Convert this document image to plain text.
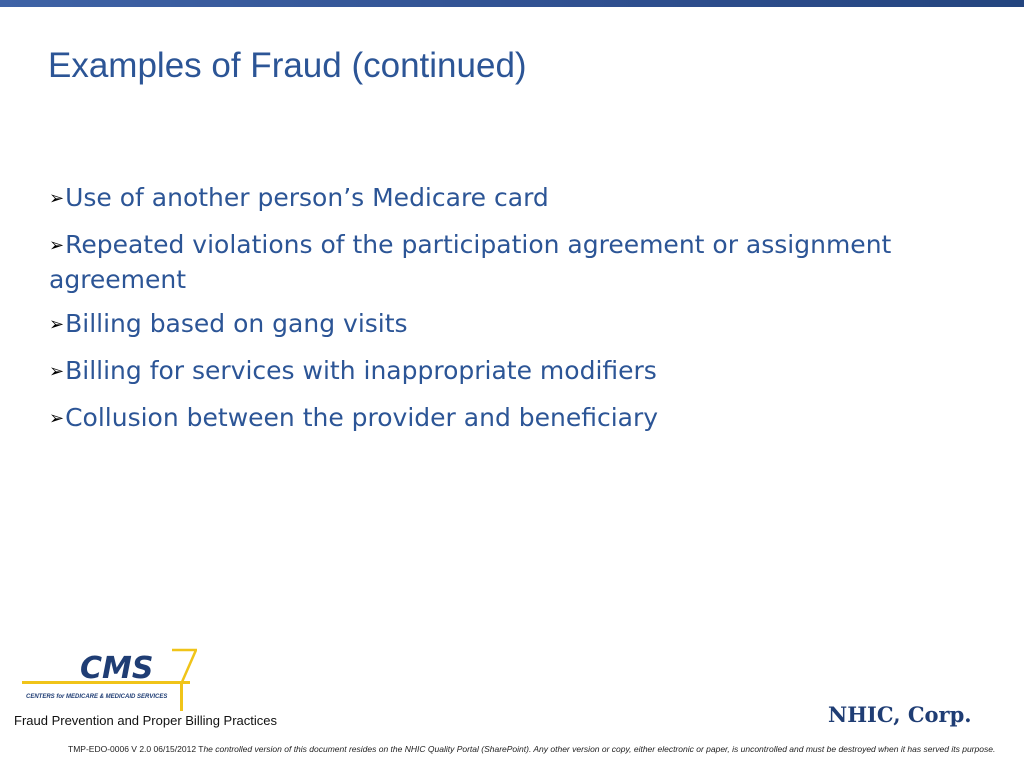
Examples of Fraud (continued)
➢Use of another person’s Medicare card
➢Repeated violations of the participation agreement or assignment agreement
➢Billing based on gang visits
➢Billing for services with inappropriate modifiers
➢Collusion between the provider and beneficiary
CMS
CENTERS for MEDICARE & MEDICAID SERVICES
Fraud Prevention and Proper Billing Practices	NHIC, Corp.
TMP-EDO-0006 V 2.0 06/15/2012 The controlled version of this document resides on the NHIC Quality Portal (SharePoint). Any other version or copy, either electronic or paper, is uncontrolled and must be destroyed when it has served its purpose.
